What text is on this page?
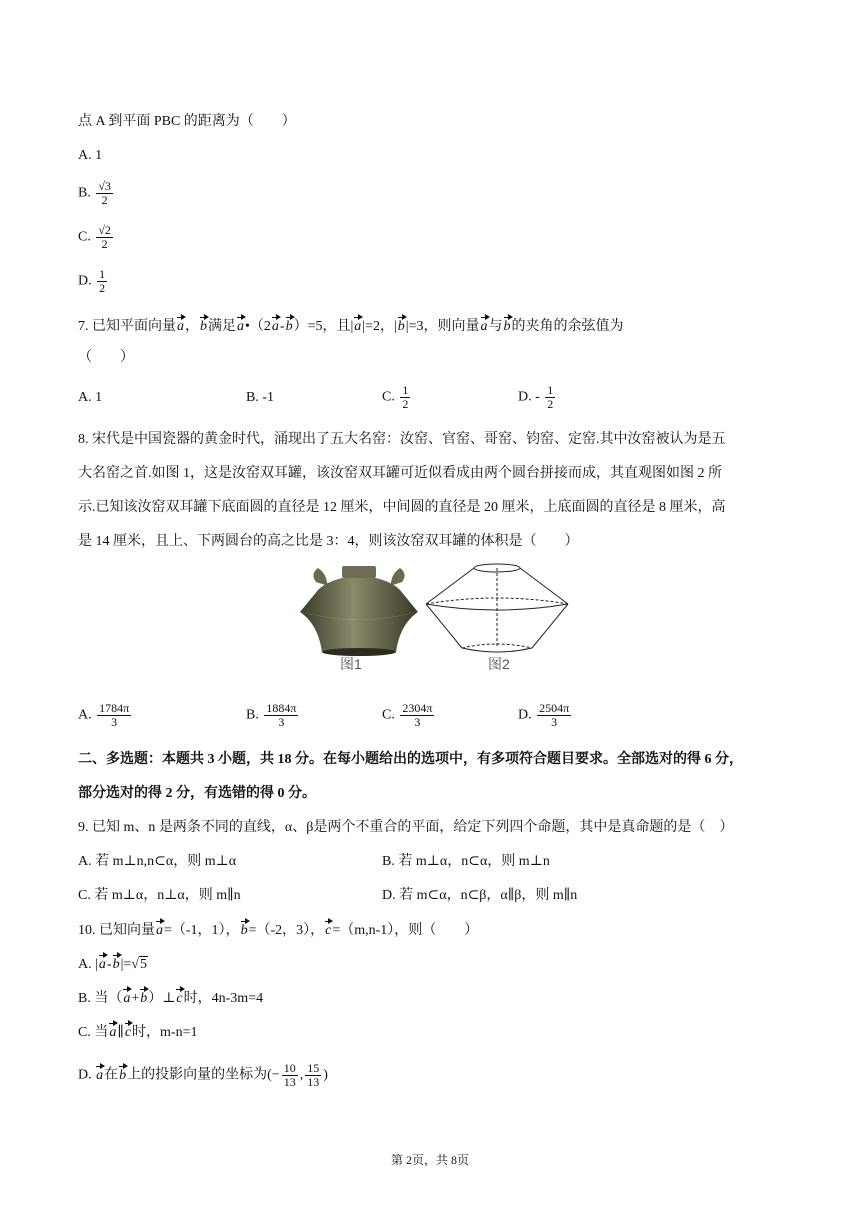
点 A 到平面 PBC 的距离为（　　）
A. 1
B. $\frac{√3}{2}$
C. $\frac{√2}{2}$
D. $\frac{1}{2}$
7. 已知平面向量a，b满足a•（2a-b）=5，且|a|=2，|b|=3，则向量a与b的夹角的余弦值为
（　　）
A. 1	B. -1	C. $\frac{1}{2}$	D. - $\frac{1}{2}$
8. 宋代是中国瓷器的黄金时代，涌现出了五大名窑：汝窑、官窑、哥窑、钧窑、定窑.其中汝窑被认为是五
大名窑之首.如图 1，这是汝窑双耳罐，该汝窑双耳罐可近似看成由两个圆台拼接而成，其直观图如图 2 所
示.已知该汝窑双耳罐下底面圆的直径是 12 厘米，中间圆的直径是 20 厘米，上底面圆的直径是 8 厘米，高
是 14 厘米，且上、下两圆台的高之比是 3：4，则该汝窑双耳罐的体积是（　　）
图1	图2
A. $\frac{1784\pi}{3}$	B. $\frac{1884\pi}{3}$	C. $\frac{2304\pi}{3}$	D. $\frac{2504\pi}{3}$
二、多选题：本题共 3 小题，共 18 分。在每小题给出的选项中，有多项符合题目要求。全部选对的得 6 分，
部分选对的得 2 分，有选错的得 0 分。
9. 已知 m、n 是两条不同的直线，α、β是两个不重合的平面，给定下列四个命题，其中是真命题的是（　）
A. 若 m⊥n,n⊂α，则 m⊥α	B. 若 m⊥α，n⊂α，则 m⊥n
C. 若 m⊥α，n⊥α，则 m∥n	D. 若 m⊂α，n⊂β，α∥β，则 m∥n
10. 已知向量a=（-1，1），b=（-2，3），c=（m,n-1），则（　　）
A. |a-b|=√5
B. 当（a+b）⊥c时，4n-3m=4
C. 当a∥c时，m-n=1
D. a在b上的投影向量的坐标为(− $\frac{10}{13}$ , $\frac{15}{13}$ )
第 2页，共 8页
